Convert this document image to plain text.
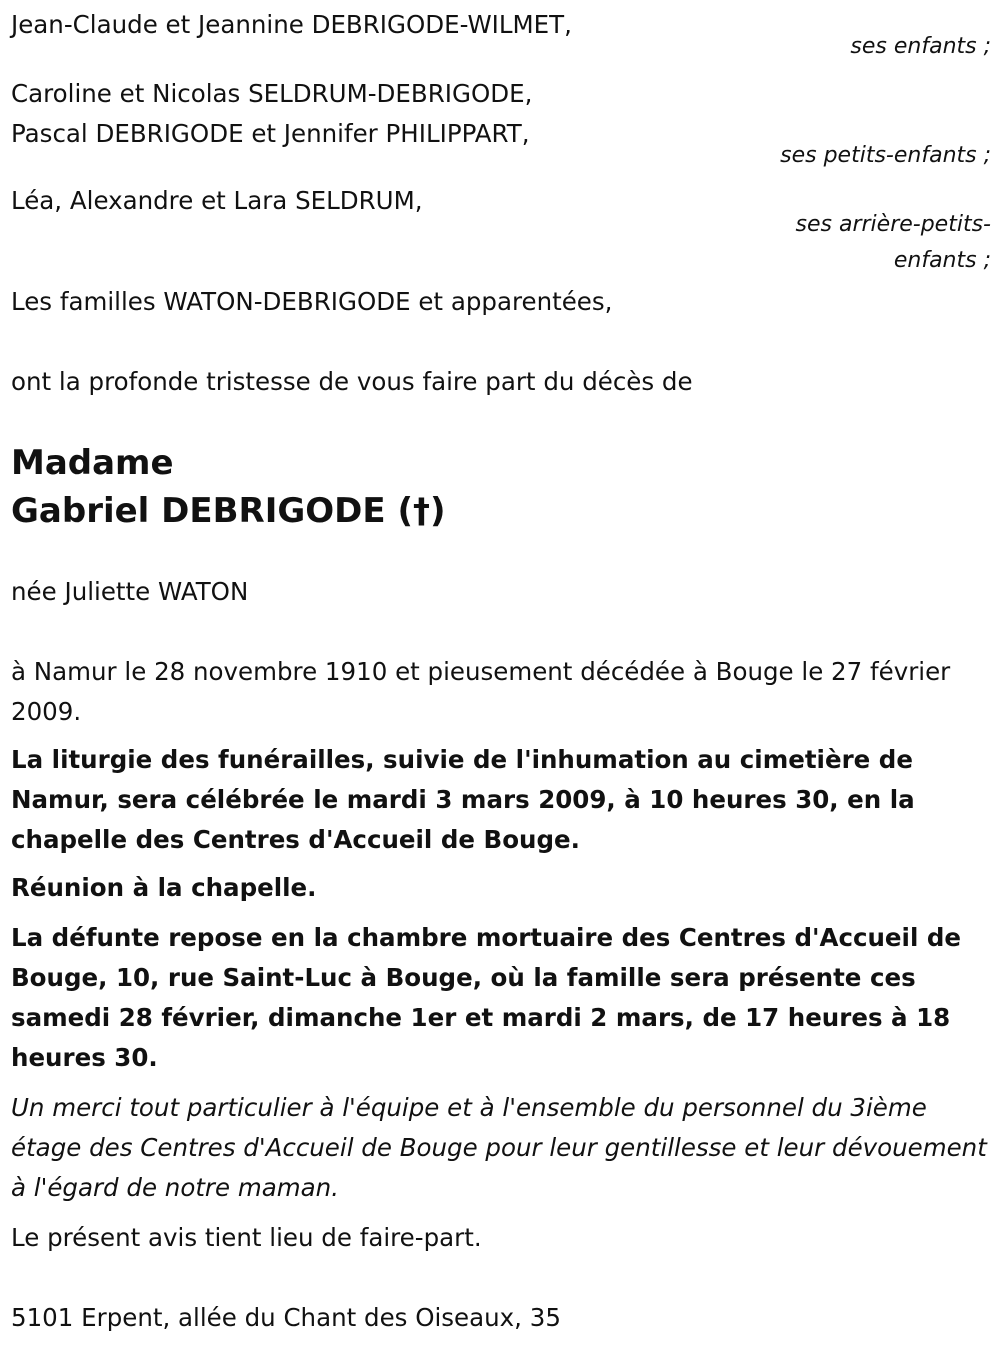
Jean-Claude et Jeannine DEBRIGODE-WILMET,

ses enfants ;

Caroline et Nicolas SELDRUM-DEBRIGODE,

Pascal DEBRIGODE et Jennifer PHILIPPART,

ses petits-enfants ;

Léa, Alexandre et Lara SELDRUM,

ses arrière-petits-

enfants ;

Les familles WATON-DEBRIGODE et apparentées,

ont la profonde tristesse de vous faire part du décès de

Madame
Gabriel DEBRIGODE (†)

née Juliette WATON

à Namur le 28 novembre 1910 et pieusement décédée à Bouge le 27 février 2009.

La liturgie des funérailles, suivie de l'inhumation au cimetière de Namur, sera célébrée le mardi 3 mars 2009, à 10 heures 30, en la chapelle des Centres d'Accueil de Bouge.

Réunion à la chapelle.

La défunte repose en la chambre mortuaire des Centres d'Accueil de Bouge, 10, rue Saint-Luc à Bouge, où la famille sera présente ces samedi 28 février, dimanche 1er et mardi 2 mars, de 17 heures à 18 heures 30.

Un merci tout particulier à l'équipe et à l'ensemble du personnel du 3ième étage des Centres d'Accueil de Bouge pour leur gentillesse et leur dévouement à l'égard de notre maman.

Le présent avis tient lieu de faire-part.

5101 Erpent, allée du Chant des Oiseaux, 35
